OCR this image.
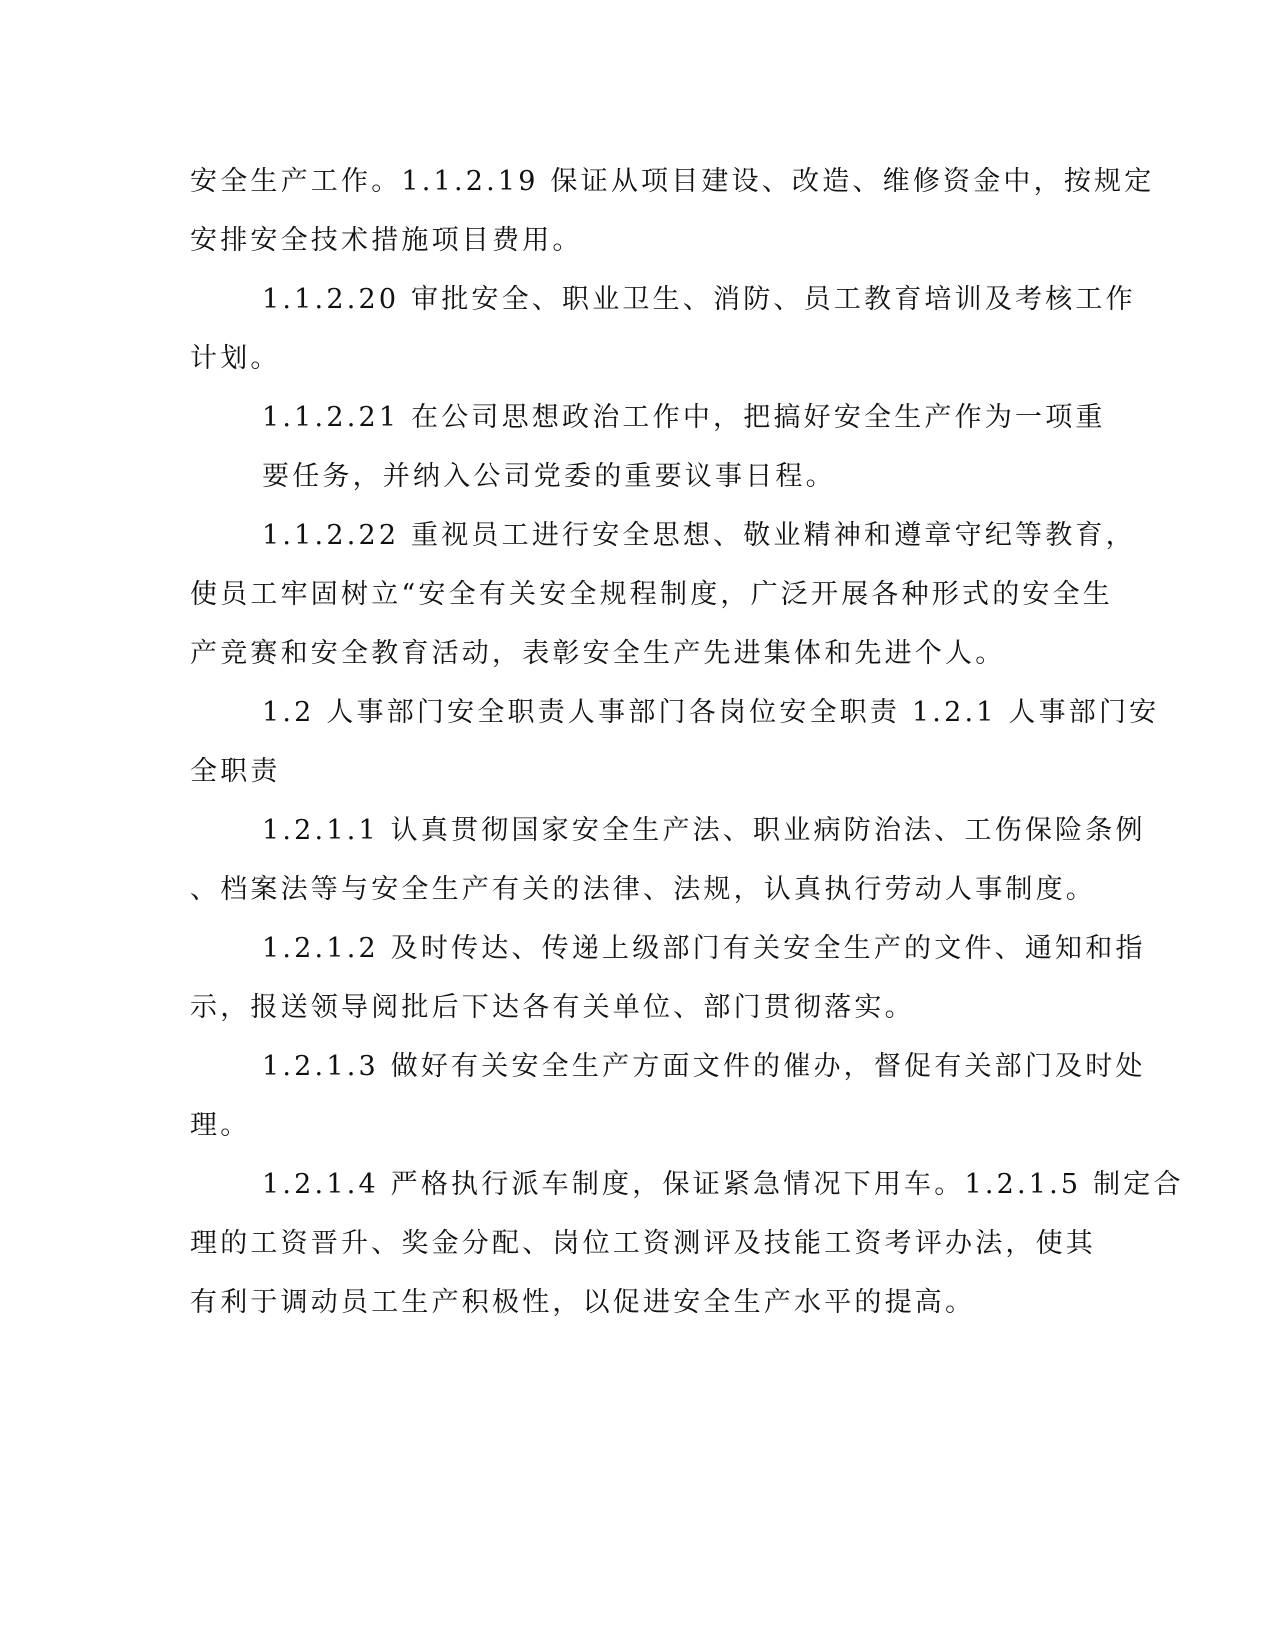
安全生产工作。1.1.2.19 保证从项目建设、改造、维修资金中，按规定
安排安全技术措施项目费用。
1.1.2.20 审批安全、职业卫生、消防、员工教育培训及考核工作
计划。
1.1.2.21 在公司思想政治工作中，把搞好安全生产作为一项重
要任务，并纳入公司党委的重要议事日程。
1.1.2.22 重视员工进行安全思想、敬业精神和遵章守纪等教育，
使员工牢固树立“安全有关安全规程制度，广泛开展各种形式的安全生
产竞赛和安全教育活动，表彰安全生产先进集体和先进个人。
1.2 人事部门安全职责人事部门各岗位安全职责 1.2.1 人事部门安
全职责
1.2.1.1 认真贯彻国家安全生产法、职业病防治法、工伤保险条例
、档案法等与安全生产有关的法律、法规，认真执行劳动人事制度。
1.2.1.2 及时传达、传递上级部门有关安全生产的文件、通知和指
示，报送领导阅批后下达各有关单位、部门贯彻落实。
1.2.1.3 做好有关安全生产方面文件的催办，督促有关部门及时处
理。
1.2.1.4 严格执行派车制度，保证紧急情况下用车。1.2.1.5 制定合
理的工资晋升、奖金分配、岗位工资测评及技能工资考评办法，使其
有利于调动员工生产积极性，以促进安全生产水平的提高。
